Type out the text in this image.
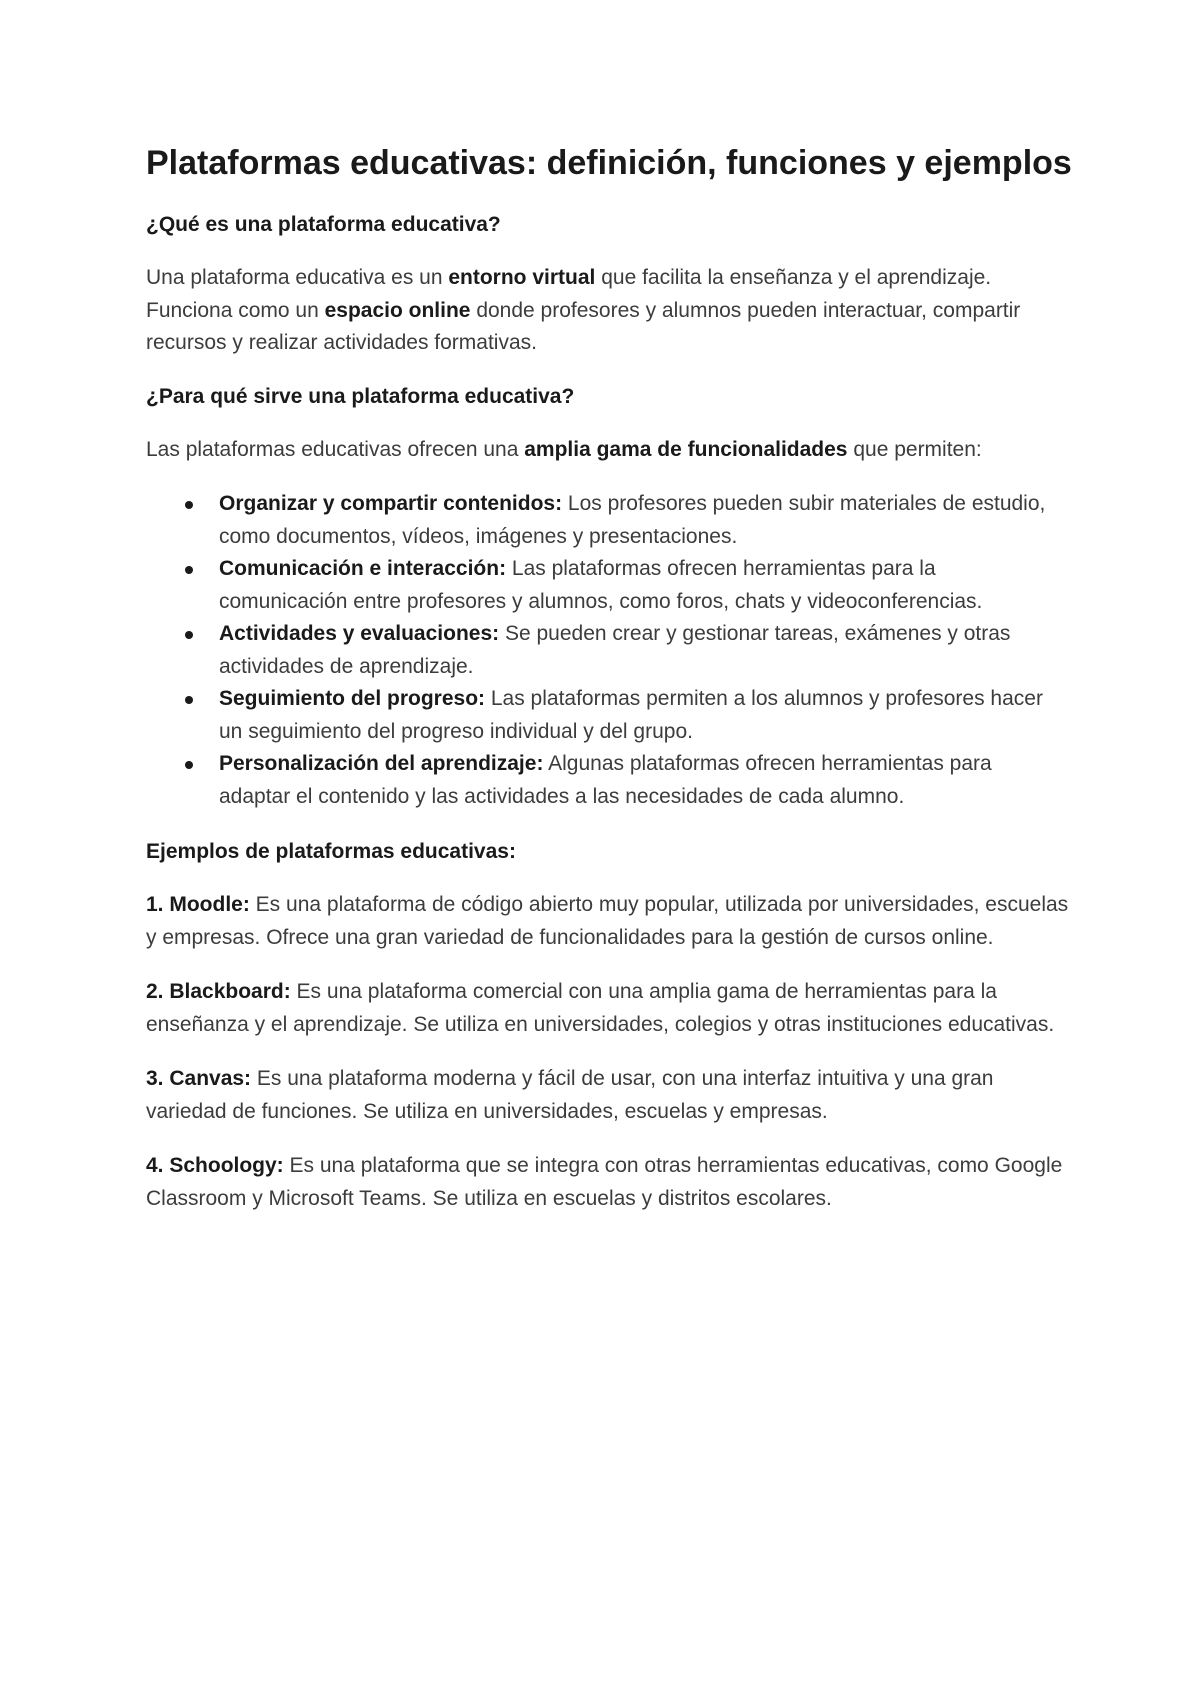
Plataformas educativas: definición, funciones y ejemplos
¿Qué es una plataforma educativa?

Una plataforma educativa es un entorno virtual que facilita la enseñanza y el aprendizaje. Funciona como un espacio online donde profesores y alumnos pueden interactuar, compartir recursos y realizar actividades formativas.

¿Para qué sirve una plataforma educativa?

Las plataformas educativas ofrecen una amplia gama de funcionalidades que permiten:

Organizar y compartir contenidos: Los profesores pueden subir materiales de estudio, como documentos, vídeos, imágenes y presentaciones.
Comunicación e interacción: Las plataformas ofrecen herramientas para la comunicación entre profesores y alumnos, como foros, chats y videoconferencias.
Actividades y evaluaciones: Se pueden crear y gestionar tareas, exámenes y otras actividades de aprendizaje.
Seguimiento del progreso: Las plataformas permiten a los alumnos y profesores hacer un seguimiento del progreso individual y del grupo.
Personalización del aprendizaje: Algunas plataformas ofrecen herramientas para adaptar el contenido y las actividades a las necesidades de cada alumno.
Ejemplos de plataformas educativas:

1. Moodle: Es una plataforma de código abierto muy popular, utilizada por universidades, escuelas y empresas. Ofrece una gran variedad de funcionalidades para la gestión de cursos online.

2. Blackboard: Es una plataforma comercial con una amplia gama de herramientas para la enseñanza y el aprendizaje. Se utiliza en universidades, colegios y otras instituciones educativas.

3. Canvas: Es una plataforma moderna y fácil de usar, con una interfaz intuitiva y una gran variedad de funciones. Se utiliza en universidades, escuelas y empresas.

4. Schoology: Es una plataforma que se integra con otras herramientas educativas, como Google Classroom y Microsoft Teams. Se utiliza en escuelas y distritos escolares.
